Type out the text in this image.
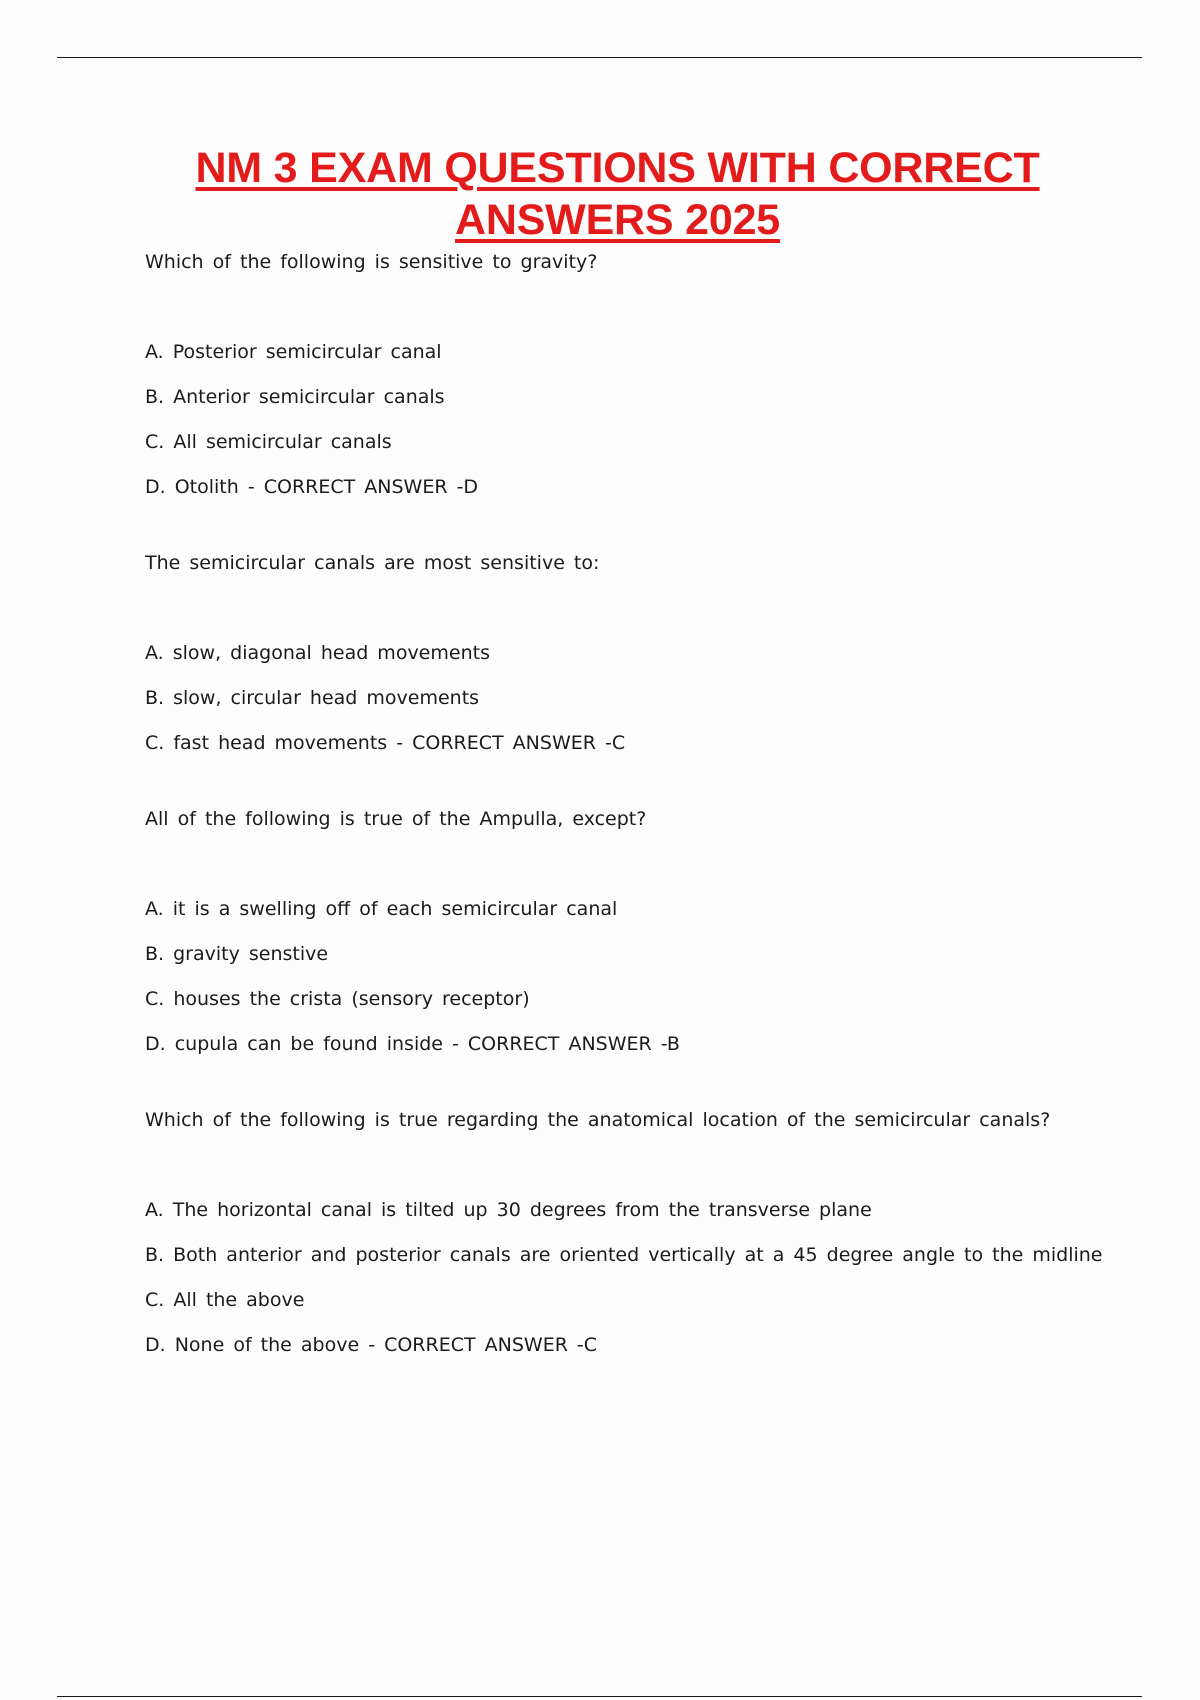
NM 3 EXAM QUESTIONS WITH CORRECT ANSWERS 2025

Which of the following is sensitive to gravity?

A. Posterior semicircular canal
B. Anterior semicircular canals
C. All semicircular canals
D. Otolith - CORRECT ANSWER -D

The semicircular canals are most sensitive to:

A. slow, diagonal head movements
B. slow, circular head movements
C. fast head movements - CORRECT ANSWER -C

All of the following is true of the Ampulla, except?

A. it is a swelling off of each semicircular canal
B. gravity senstive
C. houses the crista (sensory receptor)
D. cupula can be found inside - CORRECT ANSWER -B

Which of the following is true regarding the anatomical location of the semicircular canals?

A. The horizontal canal is tilted up 30 degrees from the transverse plane
B. Both anterior and posterior canals are oriented vertically at a 45 degree angle to the midline
C. All the above
D. None of the above - CORRECT ANSWER -C
